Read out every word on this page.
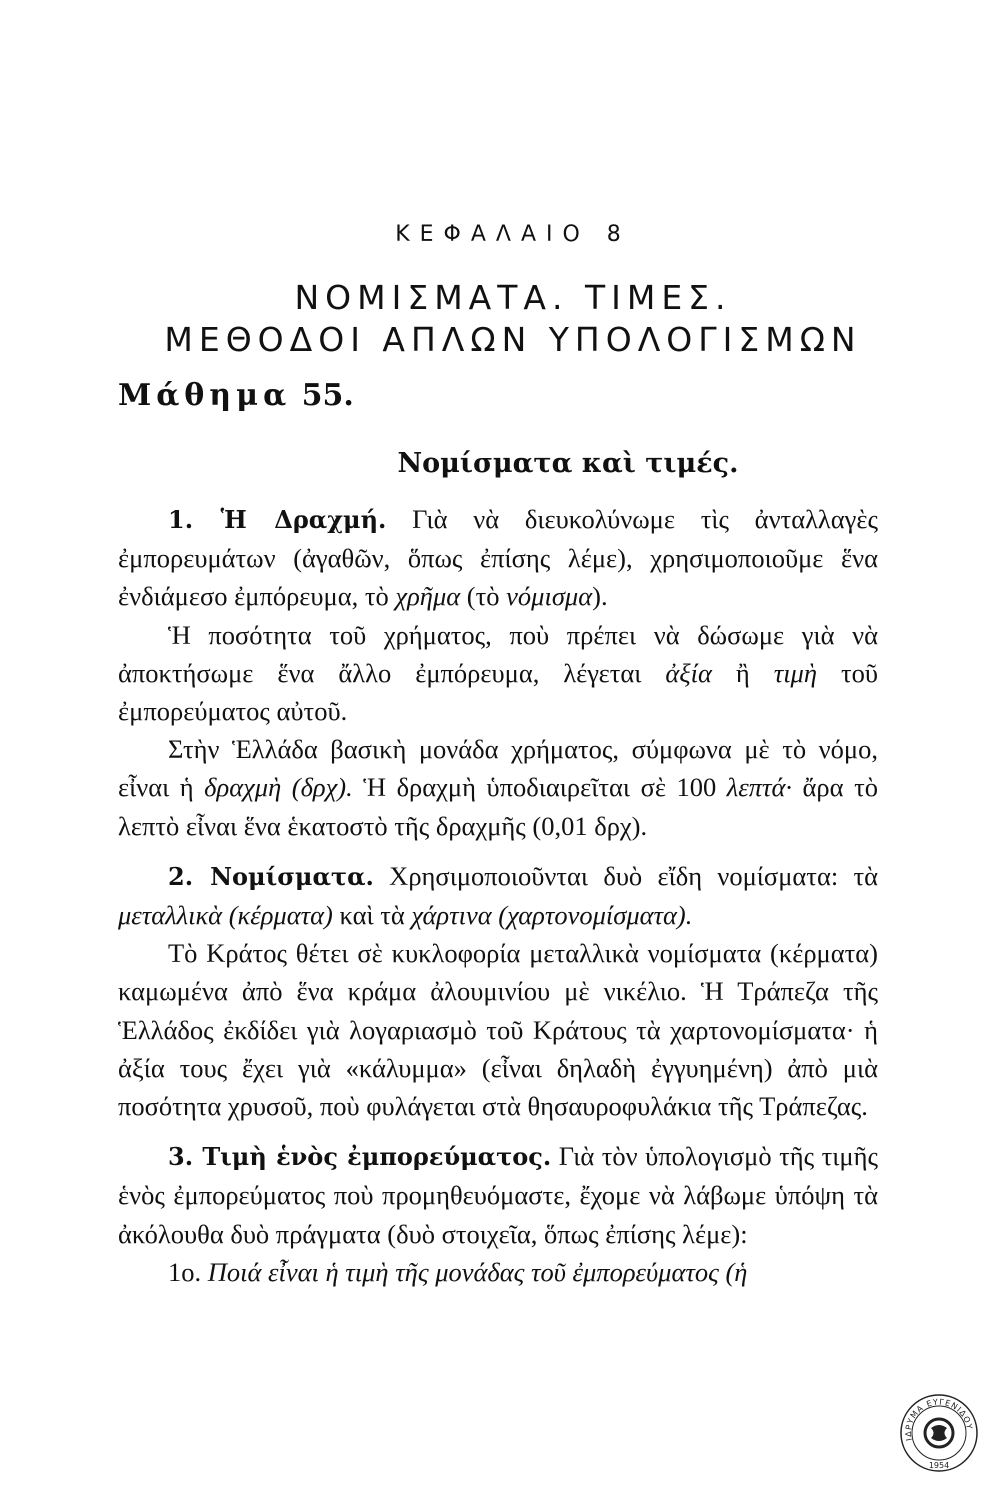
ΚΕΦΑΛΑΙΟ 8
ΝΟΜΙΣΜΑΤΑ. ΤΙΜΕΣ.
ΜΕΘΟΔΟΙ ΑΠΛΩΝ ΥΠΟΛΟΓΙΣΜΩΝ
Μάθημα 55.
Νομίσματα καὶ τιμές.

1. Ἡ Δραχμή. Γιὰ νὰ διευκολύνωμε τὶς ἀνταλλαγὲς ἐμπορευμάτων (ἀγαθῶν, ὅπως ἐπίσης λέμε), χρησιμοποιοῦμε ἕνα ἐνδιάμεσο ἐμπόρευμα, τὸ χρῆμα (τὸ νόμισμα).

Ἡ ποσότητα τοῦ χρήματος, ποὺ πρέπει νὰ δώσωμε γιὰ νὰ ἀποκτήσωμε ἕνα ἄλλο ἐμπόρευμα, λέγεται ἀξία ἢ τιμὴ τοῦ ἐμπορεύματος αὐτοῦ.

Στὴν Ἑλλάδα βασικὴ μονάδα χρήματος, σύμφωνα μὲ τὸ νόμο, εἶναι ἡ δραχμὴ (δρχ). Ἡ δραχμὴ ὑποδιαιρεῖται σὲ 100 λεπτά· ἄρα τὸ λεπτὸ εἶναι ἕνα ἑκατοστὸ τῆς δραχμῆς (0,01 δρχ).

2. Νομίσματα. Χρησιμοποιοῦνται δυὸ εἴδη νομίσματα: τὰ μεταλλικὰ (κέρματα) καὶ τὰ χάρτινα (χαρτονομίσματα).

Τὸ Κράτος θέτει σὲ κυκλοφορία μεταλλικὰ νομίσματα (κέρματα) καμωμένα ἀπὸ ἕνα κράμα ἀλουμινίου μὲ νικέλιο. Ἡ Τράπεζα τῆς Ἑλλάδος ἐκδίδει γιὰ λογαριασμὸ τοῦ Κράτους τὰ χαρτονομίσματα· ἡ ἀξία τους ἔχει γιὰ «κάλυμμα» (εἶναι δηλαδὴ ἐγγυημένη) ἀπὸ μιὰ ποσότητα χρυσοῦ, ποὺ φυλάγεται στὰ θησαυροφυλάκια τῆς Τράπεζας.

3. Τιμὴ ἑνὸς ἐμπορεύματος. Γιὰ τὸν ὑπολογισμὸ τῆς τιμῆς ἑνὸς ἐμπορεύματος ποὺ προμηθευόμαστε, ἔχομε νὰ λάβωμε ὑπόψη τὰ ἀκόλουθα δυὸ πράγματα (δυὸ στοιχεῖα, ὅπως ἐπίσης λέμε):

1ο. Ποιά εἶναι ἡ τιμὴ τῆς μονάδας τοῦ ἐμπορεύματος (ἡ

ΙΔΡΥΜΑ ΕΥΓΕΝΙΔΟΥ
1954
